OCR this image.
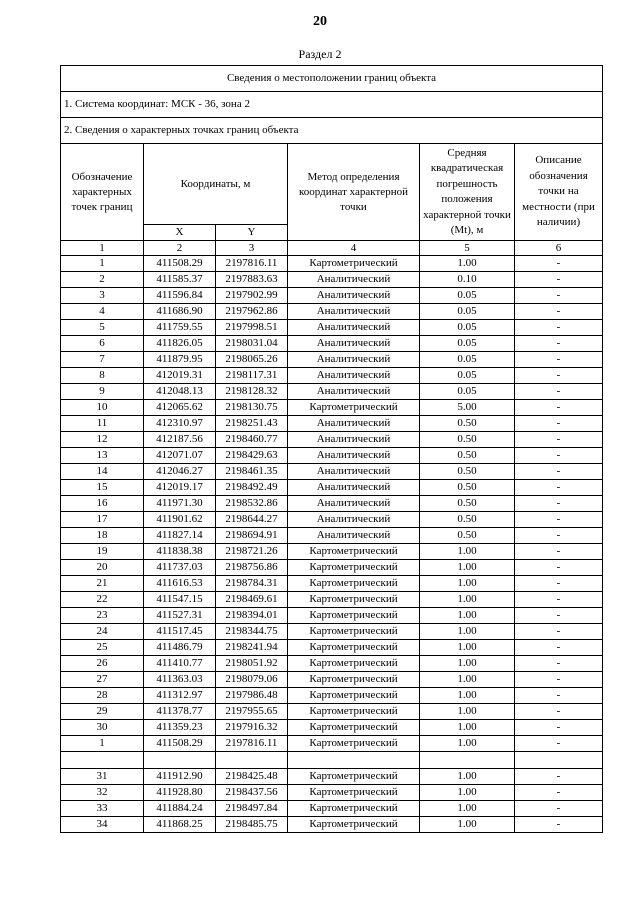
20
Раздел 2
Сведения о местоположении границ объекта					
1. Система координат: МСК - 36, зона 2					
2. Сведения о характерных точках границ объекта					
Обозначение характерных точек границ	Координаты, м		Метод определения координат характерной точки	Средняя квадратическая погрешность положения характерной точки (Mt), м	Описание обозначения точки на местности (при наличии)
	X	Y			
1	2	3	4	5	6
1	411508.29	2197816.11	Картометрический	1.00	-
2	411585.37	2197883.63	Аналитический	0.10	-
3	411596.84	2197902.99	Аналитический	0.05	-
4	411686.90	2197962.86	Аналитический	0.05	-
5	411759.55	2197998.51	Аналитический	0.05	-
6	411826.05	2198031.04	Аналитический	0.05	-
7	411879.95	2198065.26	Аналитический	0.05	-
8	412019.31	2198117.31	Аналитический	0.05	-
9	412048.13	2198128.32	Аналитический	0.05	-
10	412065.62	2198130.75	Картометрический	5.00	-
11	412310.97	2198251.43	Аналитический	0.50	-
12	412187.56	2198460.77	Аналитический	0.50	-
13	412071.07	2198429.63	Аналитический	0.50	-
14	412046.27	2198461.35	Аналитический	0.50	-
15	412019.17	2198492.49	Аналитический	0.50	-
16	411971.30	2198532.86	Аналитический	0.50	-
17	411901.62	2198644.27	Аналитический	0.50	-
18	411827.14	2198694.91	Аналитический	0.50	-
19	411838.38	2198721.26	Картометрический	1.00	-
20	411737.03	2198756.86	Картометрический	1.00	-
21	411616.53	2198784.31	Картометрический	1.00	-
22	411547.15	2198469.61	Картометрический	1.00	-
23	411527.31	2198394.01	Картометрический	1.00	-
24	411517.45	2198344.75	Картометрический	1.00	-
25	411486.79	2198241.94	Картометрический	1.00	-
26	411410.77	2198051.92	Картометрический	1.00	-
27	411363.03	2198079.06	Картометрический	1.00	-
28	411312.97	2197986.48	Картометрический	1.00	-
29	411378.77	2197955.65	Картометрический	1.00	-
30	411359.23	2197916.32	Картометрический	1.00	-
1	411508.29	2197816.11	Картометрический	1.00	-

31	411912.90	2198425.48	Картометрический	1.00	-
32	411928.80	2198437.56	Картометрический	1.00	-
33	411884.24	2198497.84	Картометрический	1.00	-
34	411868.25	2198485.75	Картометрический	1.00	-
